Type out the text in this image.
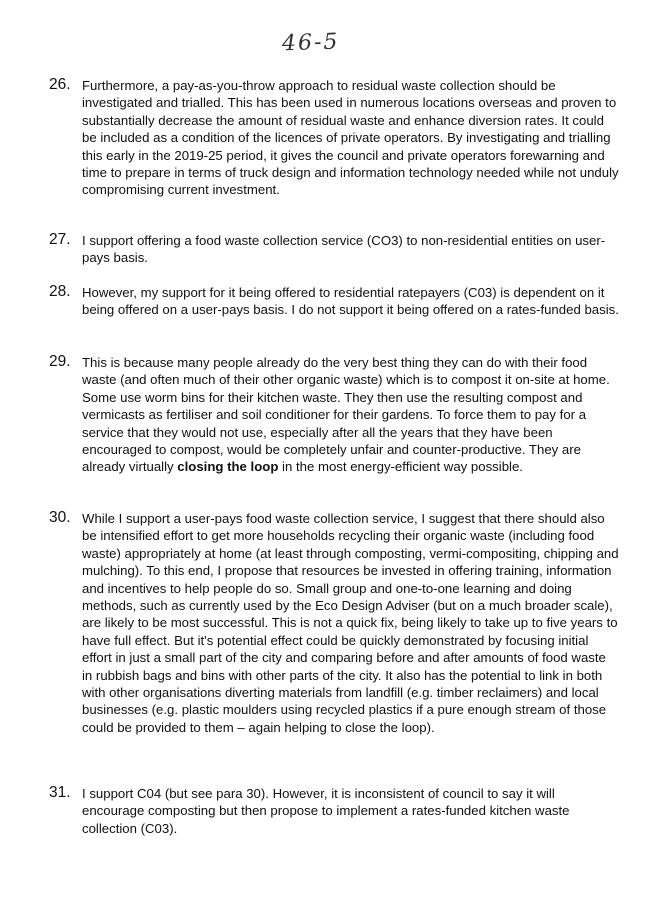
46-5
26. Furthermore, a pay-as-you-throw approach to residual waste collection should be investigated and trialled. This has been used in numerous locations overseas and proven to substantially decrease the amount of residual waste and enhance diversion rates. It could be included as a condition of the licences of private operators. By investigating and trialling this early in the 2019-25 period, it gives the council and private operators forewarning and time to prepare in terms of truck design and information technology needed while not unduly compromising current investment.
27. I support offering a food waste collection service (CO3) to non-residential entities on user-pays basis.
28. However, my support for it being offered to residential ratepayers (C03) is dependent on it being offered on a user-pays basis. I do not support it being offered on a rates-funded basis.
29. This is because many people already do the very best thing they can do with their food waste (and often much of their other organic waste) which is to compost it on-site at home. Some use worm bins for their kitchen waste. They then use the resulting compost and vermicasts as fertiliser and soil conditioner for their gardens. To force them to pay for a service that they would not use, especially after all the years that they have been encouraged to compost, would be completely unfair and counter-productive. They are already virtually closing the loop in the most energy-efficient way possible.
30. While I support a user-pays food waste collection service, I suggest that there should also be intensified effort to get more households recycling their organic waste (including food waste) appropriately at home (at least through composting, vermi-compositing, chipping and mulching). To this end, I propose that resources be invested in offering training, information and incentives to help people do so. Small group and one-to-one learning and doing methods, such as currently used by the Eco Design Adviser (but on a much broader scale), are likely to be most successful. This is not a quick fix, being likely to take up to five years to have full effect. But it's potential effect could be quickly demonstrated by focusing initial effort in just a small part of the city and comparing before and after amounts of food waste in rubbish bags and bins with other parts of the city. It also has the potential to link in both with other organisations diverting materials from landfill (e.g. timber reclaimers) and local businesses (e.g. plastic moulders using recycled plastics if a pure enough stream of those could be provided to them – again helping to close the loop).
31. I support C04 (but see para 30). However, it is inconsistent of council to say it will encourage composting but then propose to implement a rates-funded kitchen waste collection (C03).
